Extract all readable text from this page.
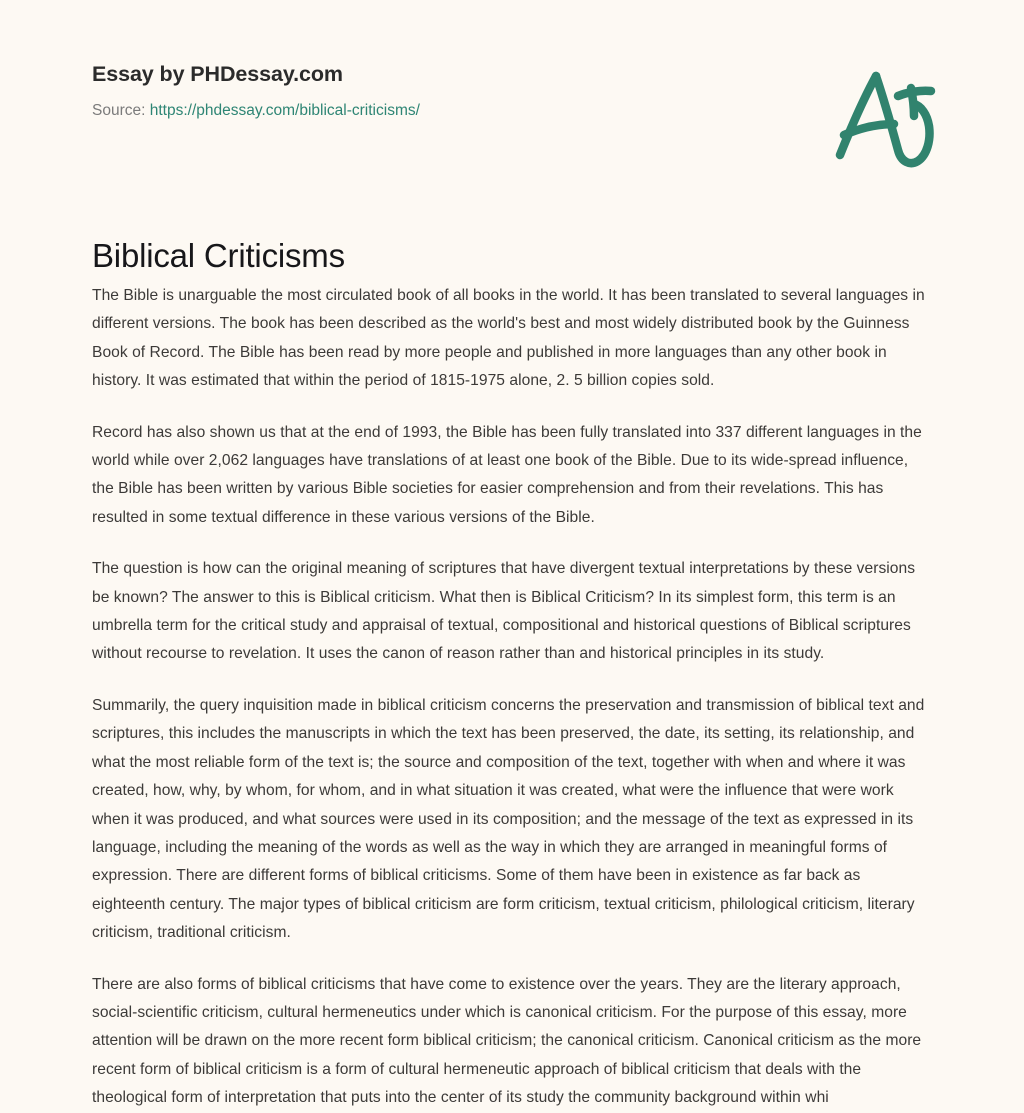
Essay by PHDessay.com
Source: https://phdessay.com/biblical-criticisms/
Biblical Criticisms

The Bible is unarguable the most circulated book of all books in the world. It has been translated to several languages in different versions. The book has been described as the world's best and most widely distributed book by the Guinness Book of Record. The Bible has been read by more people and published in more languages than any other book in history. It was estimated that within the period of 1815-1975 alone, 2. 5 billion copies sold.

Record has also shown us that at the end of 1993, the Bible has been fully translated into 337 different languages in the world while over 2,062 languages have translations of at least one book of the Bible. Due to its wide-spread influence, the Bible has been written by various Bible societies for easier comprehension and from their revelations. This has resulted in some textual difference in these various versions of the Bible.

The question is how can the original meaning of scriptures that have divergent textual interpretations by these versions be known? The answer to this is Biblical criticism. What then is Biblical Criticism? In its simplest form, this term is an umbrella term for the critical study and appraisal of textual, compositional and historical questions of Biblical scriptures without recourse to revelation. It uses the canon of reason rather than and historical principles in its study.

Summarily, the query inquisition made in biblical criticism concerns the preservation and transmission of biblical text and scriptures, this includes the manuscripts in which the text has been preserved, the date, its setting, its relationship, and what the most reliable form of the text is; the source and composition of the text, together with when and where it was created, how, why, by whom, for whom, and in what situation it was created, what were the influence that were work when it was produced, and what sources were used in its composition; and the message of the text as expressed in its language, including the meaning of the words as well as the way in which they are arranged in meaningful forms of expression. There are different forms of biblical criticisms. Some of them have been in existence as far back as eighteenth century. The major types of biblical criticism are form criticism, textual criticism, philological criticism, literary criticism, traditional criticism.

There are also forms of biblical criticisms that have come to existence over the years. They are the literary approach, social-scientific criticism, cultural hermeneutics under which is canonical criticism. For the purpose of this essay, more attention will be drawn on the more recent form biblical criticism; the canonical criticism. Canonical criticism as the more recent form of biblical criticism is a form of cultural hermeneutic approach of biblical criticism that deals with the theological form of interpretation that puts into the center of its study the community background within whi
